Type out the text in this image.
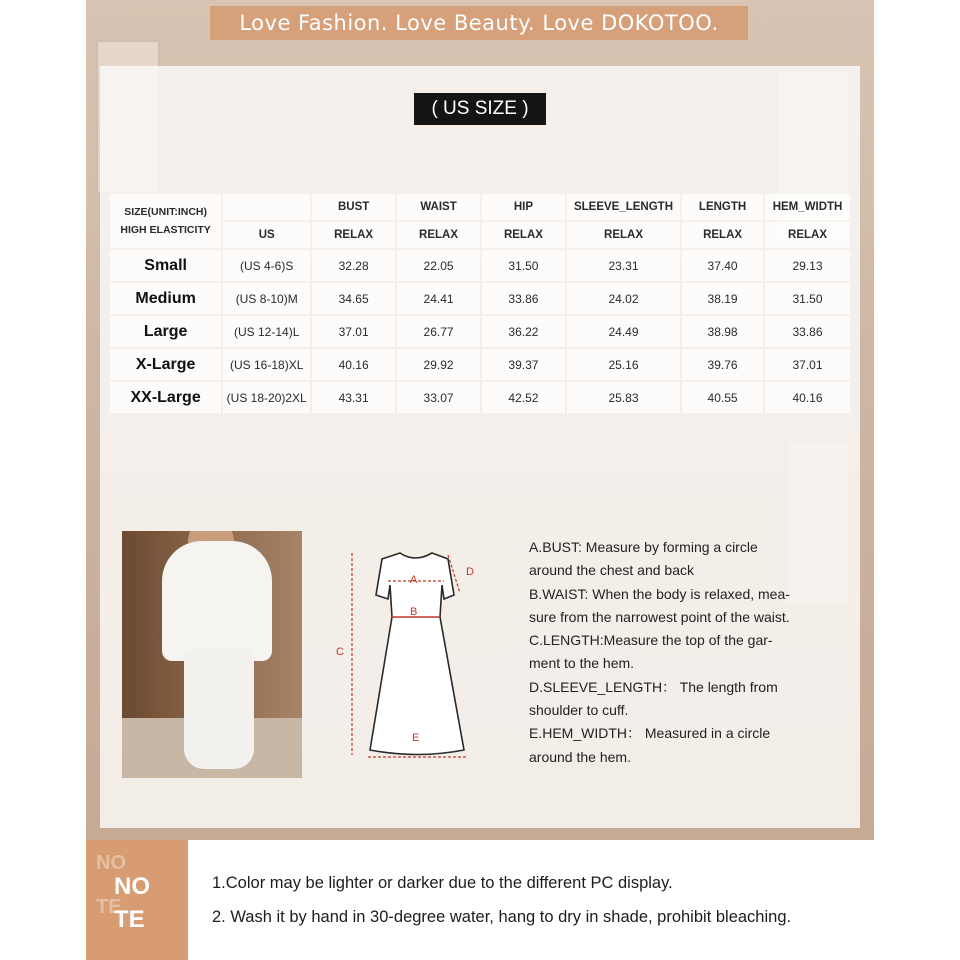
Love Fashion. Love Beauty. Love DOKOTOO.
( US SIZE )
SIZE(UNIT:INCH)
HIGH ELASTICITY		BUST	WAIST	HIP	SLEEVE_LENGTH	LENGTH	HEM_WIDTH
	US	RELAX	RELAX	RELAX	RELAX	RELAX	RELAX
Small	(US 4-6)S	32.28	22.05	31.50	23.31	37.40	29.13
Medium	(US 8-10)M	34.65	24.41	33.86	24.02	38.19	31.50
Large	(US 12-14)L	37.01	26.77	36.22	24.49	38.98	33.86
X-Large	(US 16-18)XL	40.16	29.92	39.37	25.16	39.76	37.01
XX-Large	(US 18-20)2XL	43.31	33.07	42.52	25.83	40.55	40.16
A
B
C
D
E
A.BUST: Measure by forming a circle
around the chest and back
B.WAIST: When the body is relaxed, mea-
sure from the narrowest point of the waist.
C.LENGTH:Measure the top of the gar-
ment to the hem.
D.SLEEVE_LENGTH： The length from
shoulder to cuff.
E.HEM_WIDTH： Measured in a circle
around the hem.
NO
TE
NO
TE
1.Color may be lighter or darker due to the different PC display.
2. Wash it by hand in 30-degree water, hang to dry in shade, prohibit bleaching.
